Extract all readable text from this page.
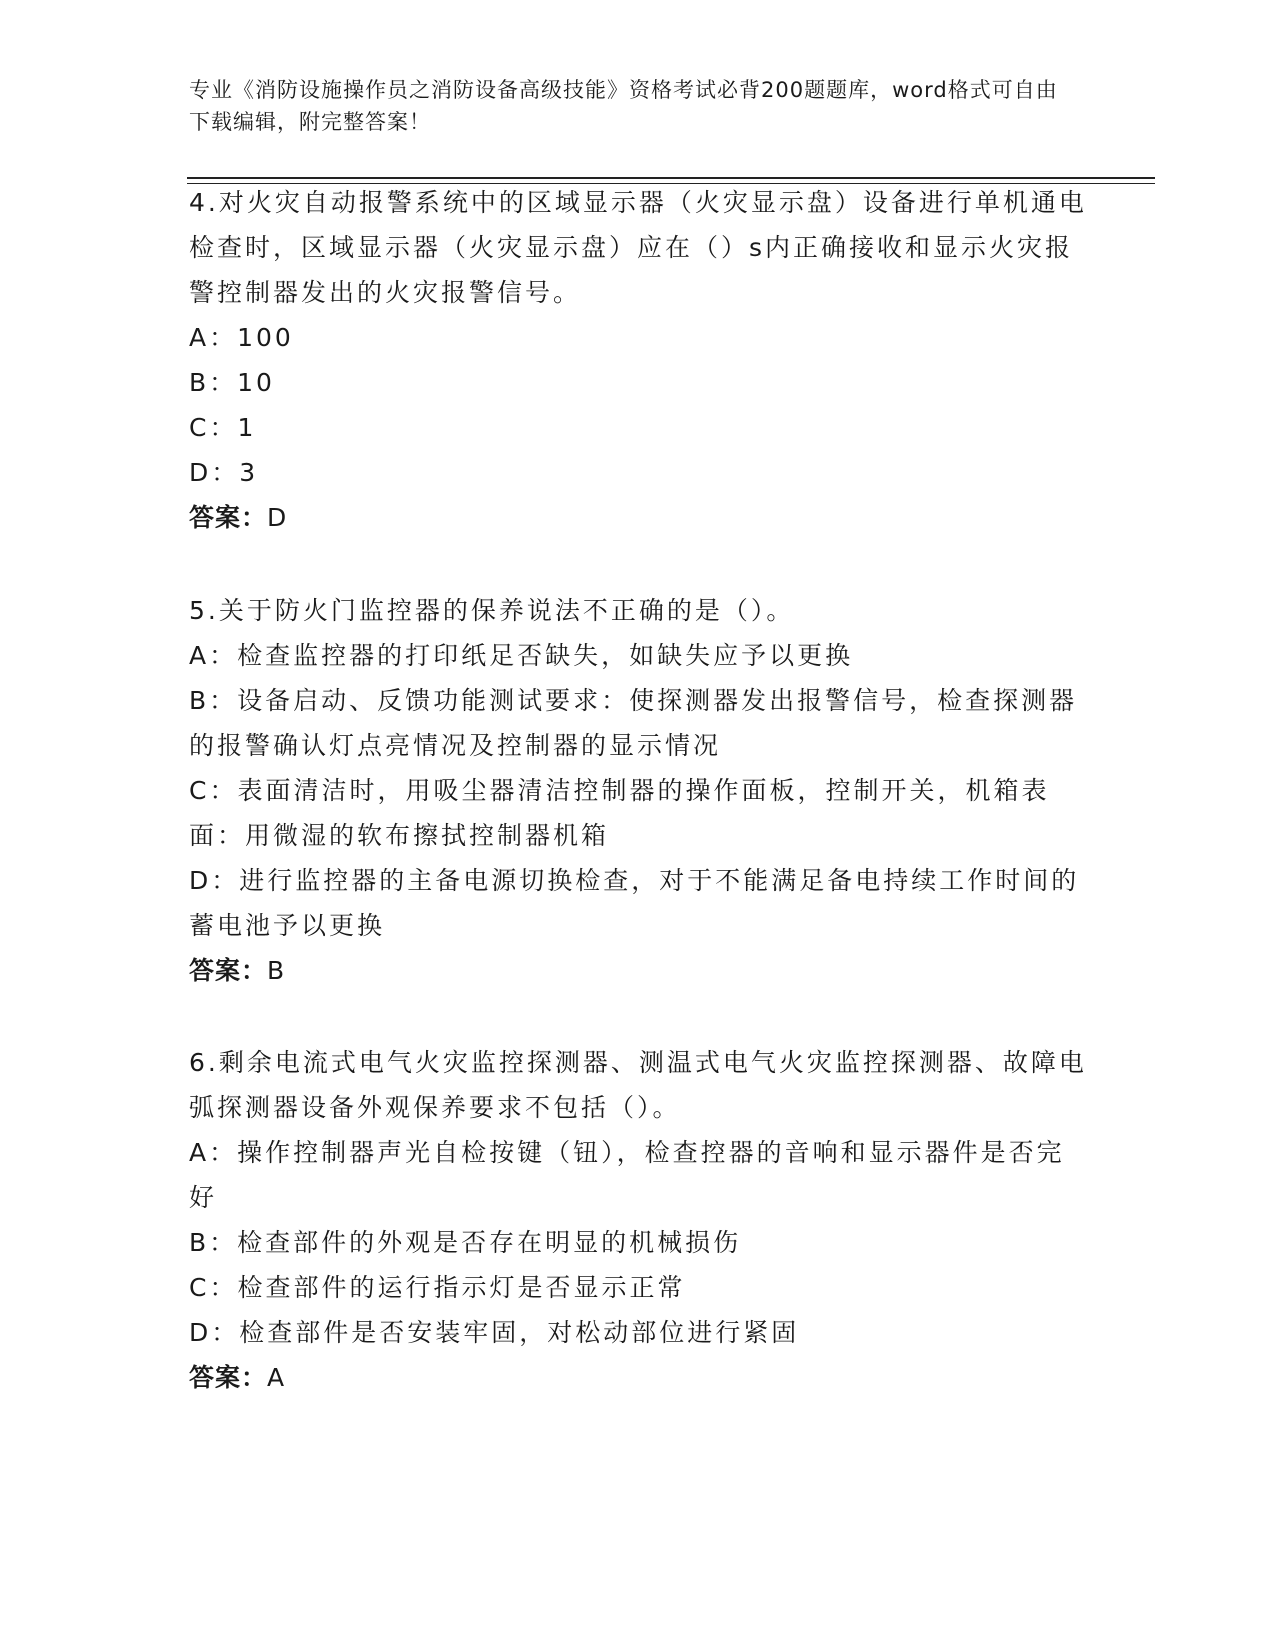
专业《消防设施操作员之消防设备高级技能》资格考试必背200题题库，word格式可自由下载编辑，附完整答案！
4.对火灾自动报警系统中的区域显示器（火灾显示盘）设备进行单机通电检查时，区域显示器（火灾显示盘）应在（）s内正确接收和显示火灾报警控制器发出的火灾报警信号。
A：100
B：10
C：1
D：3
答案：D
5.关于防火门监控器的保养说法不正确的是（）。
A：检查监控器的打印纸足否缺失，如缺失应予以更换
B：设备启动、反馈功能测试要求：使探测器发出报警信号，检查探测器的报警确认灯点亮情况及控制器的显示情况
C：表面清洁时，用吸尘器清洁控制器的操作面板，控制开关，机箱表面：用微湿的软布擦拭控制器机箱
D：进行监控器的主备电源切换检查，对于不能满足备电持续工作时间的蓄电池予以更换
答案：B
6.剩余电流式电气火灾监控探测器、测温式电气火灾监控探测器、故障电弧探测器设备外观保养要求不包括（）。
A：操作控制器声光自检按键（钮），检查控器的音响和显示器件是否完好
B：检查部件的外观是否存在明显的机械损伤
C：检查部件的运行指示灯是否显示正常
D：检查部件是否安装牢固，对松动部位进行紧固
答案：A
